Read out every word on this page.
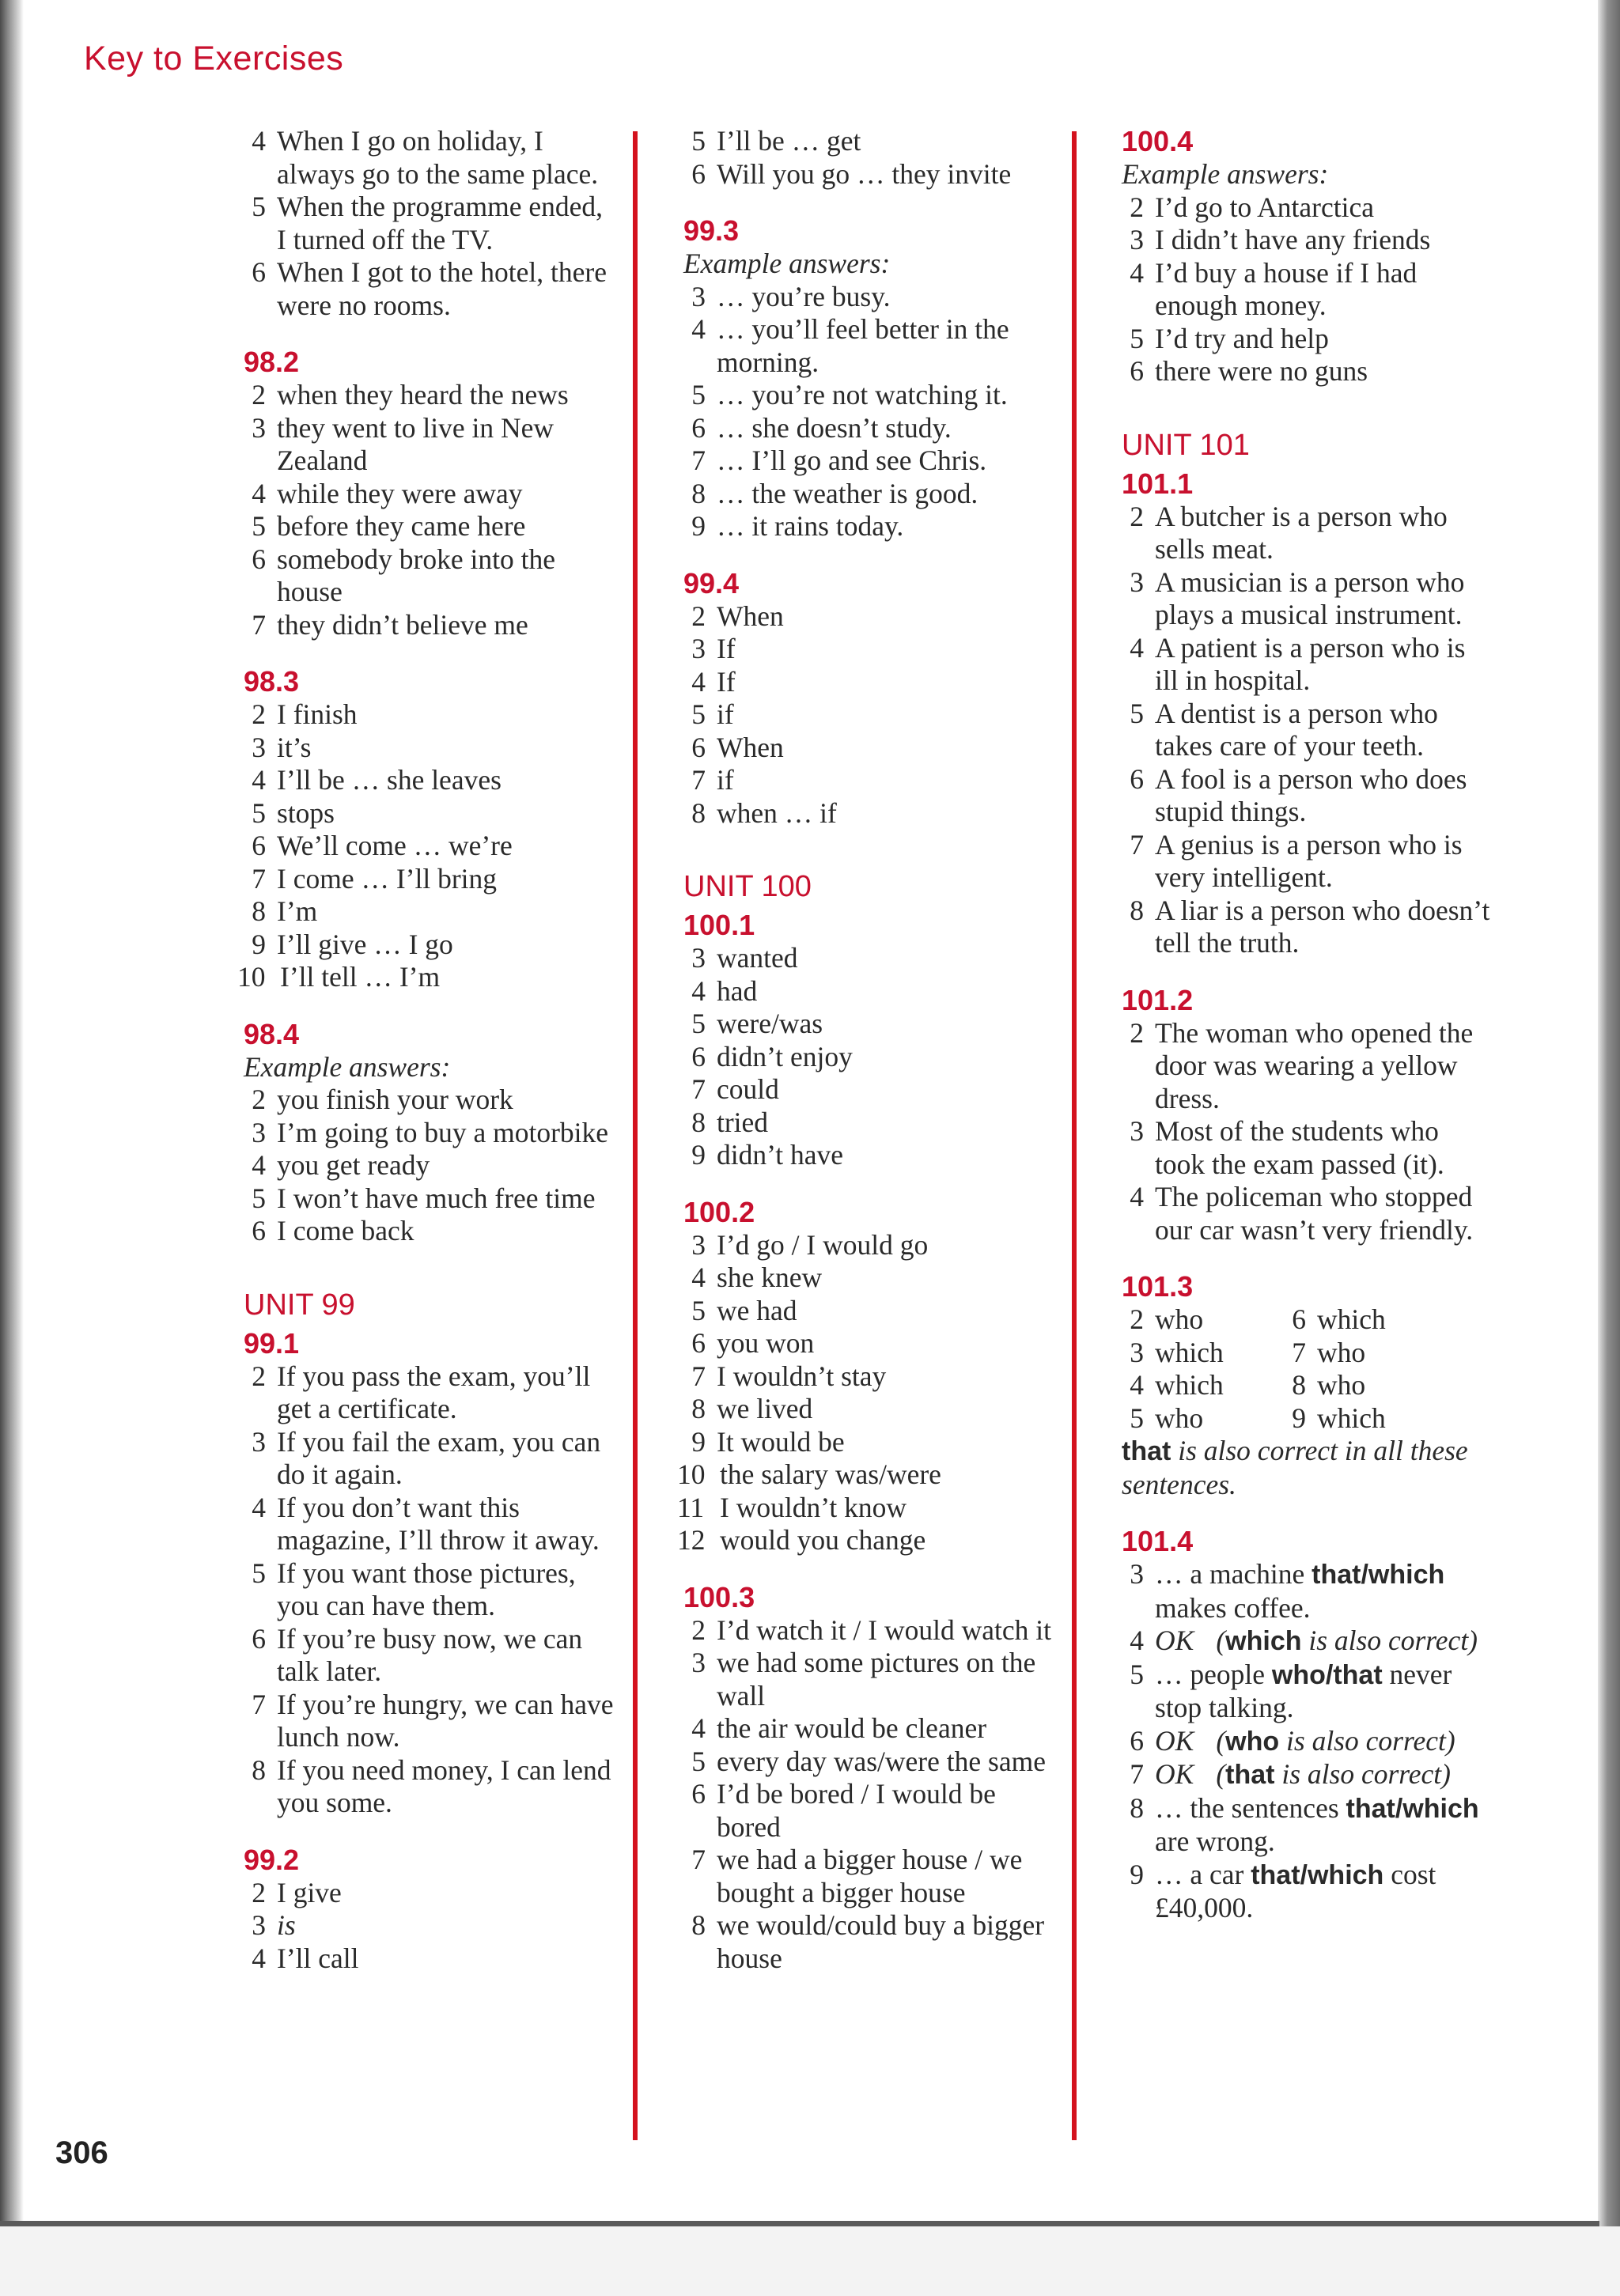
Key to Exercises
4 When I go on holiday, I always go to the same place.
5 When the programme ended, I turned off the TV.
6 When I got to the hotel, there were no rooms.
98.2
2 when they heard the news
3 they went to live in New Zealand
4 while they were away
5 before they came here
6 somebody broke into the house
7 they didn’t believe me
98.3
2 I finish
3 it’s
4 I’ll be … she leaves
5 stops
6 We’ll come … we’re
7 I come … I’ll bring
8 I’m
9 I’ll give … I go
10 I’ll tell … I’m
98.4
Example answers:
2 you finish your work
3 I’m going to buy a motorbike
4 you get ready
5 I won’t have much free time
6 I come back
UNIT 99
99.1
2 If you pass the exam, you’ll get a certificate.
3 If you fail the exam, you can do it again.
4 If you don’t want this magazine, I’ll throw it away.
5 If you want those pictures, you can have them.
6 If you’re busy now, we can talk later.
7 If you’re hungry, we can have lunch now.
8 If you need money, I can lend you some.
99.2
2 I give
3 is
4 I’ll call
5 I’ll be … get
6 Will you go … they invite
99.3
Example answers:
3 … you’re busy.
4 … you’ll feel better in the morning.
5 … you’re not watching it.
6 … she doesn’t study.
7 … I’ll go and see Chris.
8 … the weather is good.
9 … it rains today.
99.4
2 When
3 If
4 If
5 if
6 When
7 if
8 when … if
UNIT 100
100.1
3 wanted
4 had
5 were/was
6 didn’t enjoy
7 could
8 tried
9 didn’t have
100.2
3 I’d go / I would go
4 she knew
5 we had
6 you won
7 I wouldn’t stay
8 we lived
9 It would be
10 the salary was/were
11 I wouldn’t know
12 would you change
100.3
2 I’d watch it / I would watch it
3 we had some pictures on the wall
4 the air would be cleaner
5 every day was/were the same
6 I’d be bored / I would be bored
7 we had a bigger house / we bought a bigger house
8 we would/could buy a bigger house
100.4
Example answers:
2 I’d go to Antarctica
3 I didn’t have any friends
4 I’d buy a house if I had enough money.
5 I’d try and help
6 there were no guns
UNIT 101
101.1
2 A butcher is a person who sells meat.
3 A musician is a person who plays a musical instrument.
4 A patient is a person who is ill in hospital.
5 A dentist is a person who takes care of your teeth.
6 A fool is a person who does stupid things.
7 A genius is a person who is very intelligent.
8 A liar is a person who doesn’t tell the truth.
101.2
2 The woman who opened the door was wearing a yellow dress.
3 Most of the students who took the exam passed (it).
4 The policeman who stopped our car wasn’t very friendly.
101.3
2 who	6 which
3 which	7 who
4 which	8 who
5 who	9 which
that is also correct in all these sentences.
101.4
3 … a machine that/which makes coffee.
4 OK (which is also correct)
5 … people who/that never stop talking.
6 OK (who is also correct)
7 OK (that is also correct)
8 … the sentences that/which are wrong.
9 … a car that/which cost £40,000.
306
